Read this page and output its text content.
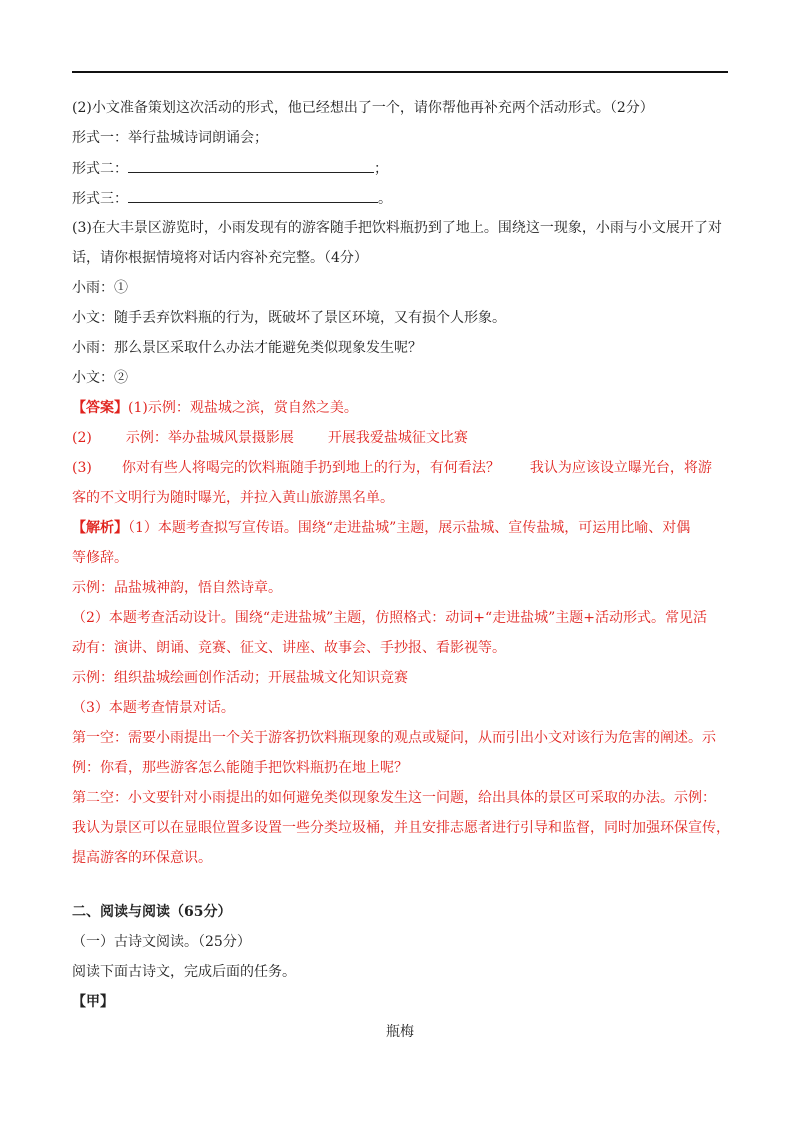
(2)小文准备策划这次活动的形式，他已经想出了一个，请你帮他再补充两个活动形式。（2分）
形式一：举行盐城诗词朗诵会；
形式二：	；
形式三：	。
(3)在大丰景区游览时，小雨发现有的游客随手把饮料瓶扔到了地上。围绕这一现象，小雨与小文展开了对
话，请你根据情境将对话内容补充完整。（4分）
小雨：①
小文：随手丢弃饮料瓶的行为，既破坏了景区环境，又有损个人形象。
小雨：那么景区采取什么办法才能避免类似现象发生呢？
小文：②
【答案】(1)示例：观盐城之滨，赏自然之美。
(2) 示例：举办盐城风景摄影展 开展我爱盐城征文比赛
(3) 你对有些人将喝完的饮料瓶随手扔到地上的行为，有何看法？ 我认为应该设立曝光台，将游
客的不文明行为随时曝光，并拉入黄山旅游黑名单。
【解析】（1）本题考查拟写宣传语。围绕“走进盐城”主题，展示盐城、宣传盐城，可运用比喻、对偶
等修辞。
示例：品盐城神韵，悟自然诗章。
（2）本题考查活动设计。围绕“走进盐城”主题，仿照格式：动词+“走进盐城”主题+活动形式。常见活
动有：演讲、朗诵、竞赛、征文、讲座、故事会、手抄报、看影视等。
示例：组织盐城绘画创作活动；开展盐城文化知识竞赛
（3）本题考查情景对话。
第一空：需要小雨提出一个关于游客扔饮料瓶现象的观点或疑问，从而引出小文对该行为危害的阐述。示
例：你看，那些游客怎么能随手把饮料瓶扔在地上呢？
第二空：小文要针对小雨提出的如何避免类似现象发生这一问题，给出具体的景区可采取的办法。示例：
我认为景区可以在显眼位置多设置一些分类垃圾桶，并且安排志愿者进行引导和监督，同时加强环保宣传，
提高游客的环保意识。
二、阅读与阅读（65分）
（一）古诗文阅读。（25分）
阅读下面古诗文，完成后面的任务。
【甲】
瓶梅
